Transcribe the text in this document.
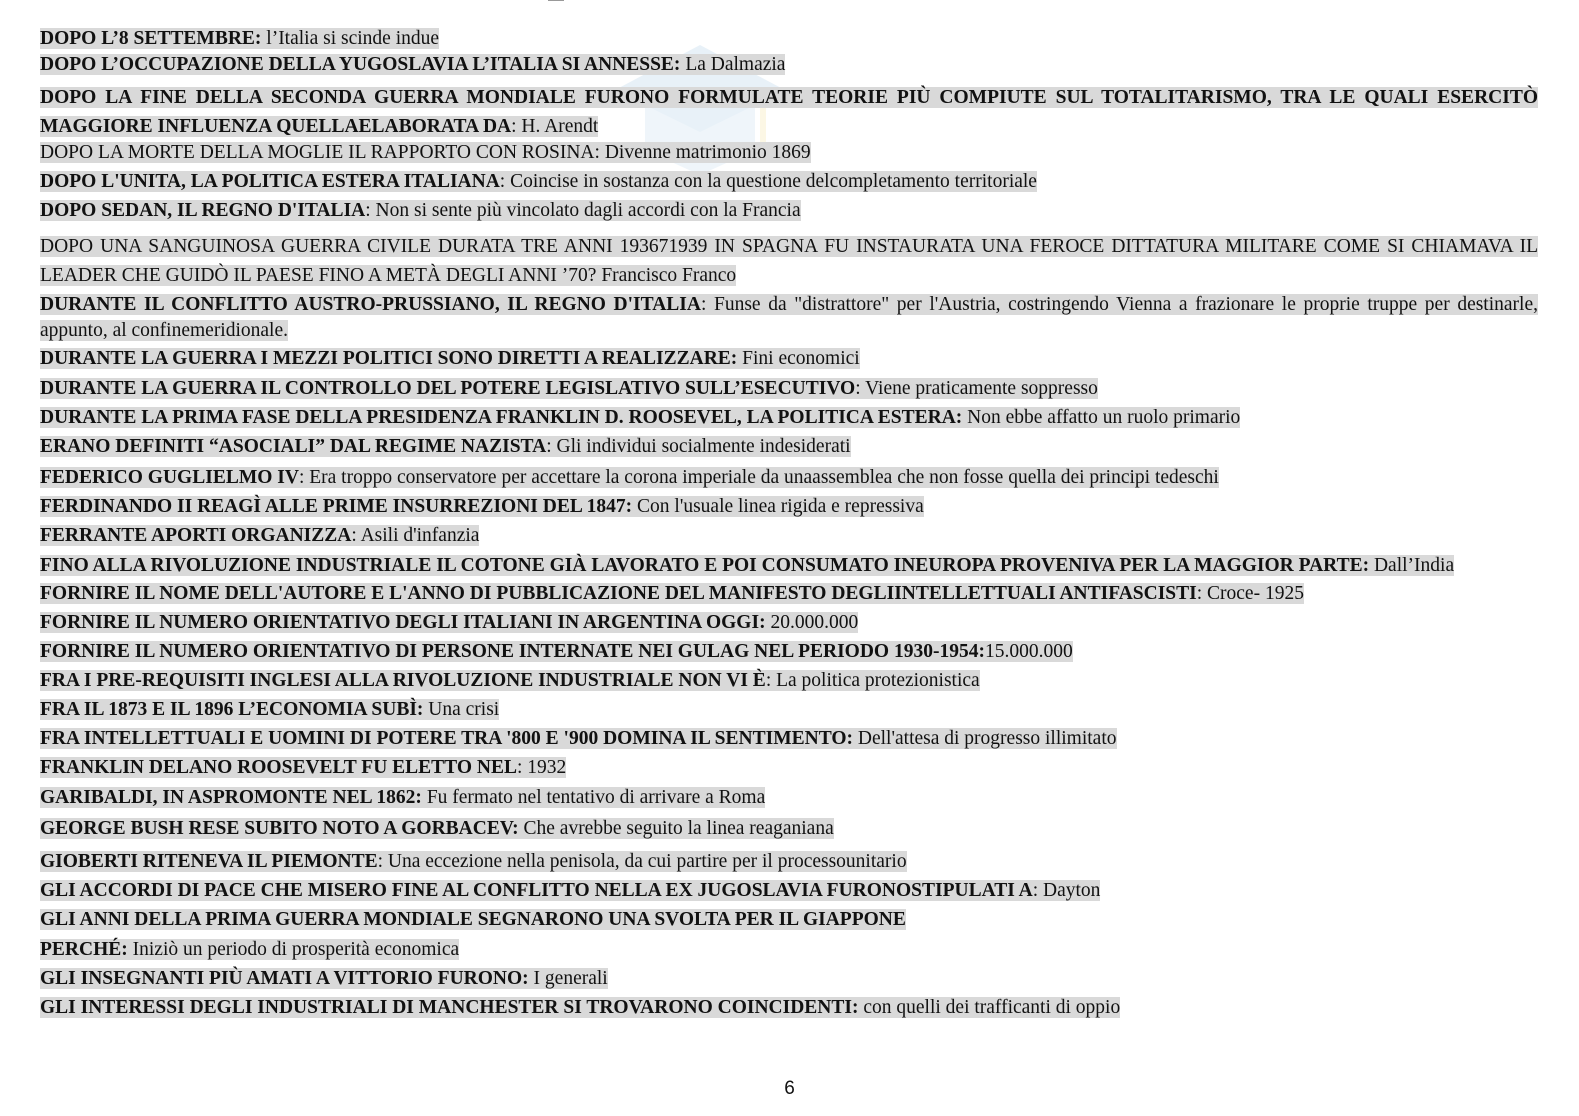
DOPO L’8 SETTEMBRE: l’Italia si scinde indue
DOPO L’OCCUPAZIONE DELLA YUGOSLAVIA L’ITALIA SI ANNESSE: La Dalmazia
DOPO LA FINE DELLA SECONDA GUERRA MONDIALE FURONO FORMULATE TEORIE PIÙ COMPIUTE SUL TOTALITARISMO, TRA LE QUALI ESERCITÒ MAGGIORE INFLUENZA QUELLAELABORATA DA: H. Arendt
DOPO LA MORTE DELLA MOGLIE IL RAPPORTO CON ROSINA: Divenne matrimonio 1869
DOPO L'UNITA, LA POLITICA ESTERA ITALIANA: Coincise in sostanza con la questione delcompletamento territoriale
DOPO SEDAN, IL REGNO D'ITALIA: Non si sente più vincolato dagli accordi con la Francia
DOPO UNA SANGUINOSA GUERRA CIVILE DURATA TRE ANNI 193671939 IN SPAGNA FU INSTAURATA UNA FEROCE DITTATURA MILITARE COME SI CHIAMAVA IL LEADER CHE GUIDÒ IL PAESE FINO A METÀ DEGLI ANNI ’70? Francisco Franco
DURANTE IL CONFLITTO AUSTRO-PRUSSIANO, IL REGNO D'ITALIA: Funse da "distrattore" per l'Austria, costringendo Vienna a frazionare le proprie truppe per destinarle, appunto, al confinemeridionale.
DURANTE LA GUERRA I MEZZI POLITICI SONO DIRETTI A REALIZZARE: Fini economici
DURANTE LA GUERRA IL CONTROLLO DEL POTERE LEGISLATIVO SULL’ESECUTIVO: Viene praticamente soppresso
DURANTE LA PRIMA FASE DELLA PRESIDENZA FRANKLIN D. ROOSEVEL, LA POLITICA ESTERA: Non ebbe affatto un ruolo primario
ERANO DEFINITI “ASOCIALI” DAL REGIME NAZISTA: Gli individui socialmente indesiderati
FEDERICO GUGLIELMO IV: Era troppo conservatore per accettare la corona imperiale da unaassemblea che non fosse quella dei principi tedeschi
FERDINANDO II REAGÌ ALLE PRIME INSURREZIONI DEL 1847: Con l'usuale linea rigida e repressiva
FERRANTE APORTI ORGANIZZA: Asili d'infanzia
FINO ALLA RIVOLUZIONE INDUSTRIALE IL COTONE GIÀ LAVORATO E POI CONSUMATO INEUROPA PROVENIVA PER LA MAGGIOR PARTE: Dall’India
FORNIRE IL NOME DELL'AUTORE E L'ANNO DI PUBBLICAZIONE DEL MANIFESTO DEGLIINTELLETTUALI ANTIFASCISTI: Croce- 1925
FORNIRE IL NUMERO ORIENTATIVO DEGLI ITALIANI IN ARGENTINA OGGI: 20.000.000
FORNIRE IL NUMERO ORIENTATIVO DI PERSONE INTERNATE NEI GULAG NEL PERIODO 1930-1954:15.000.000
FRA I PRE-REQUISITI INGLESI ALLA RIVOLUZIONE INDUSTRIALE NON VI È: La politica protezionistica
FRA IL 1873 E IL 1896 L’ECONOMIA SUBÌ: Una crisi
FRA INTELLETTUALI E UOMINI DI POTERE TRA '800 E '900 DOMINA IL SENTIMENTO: Dell'attesa di progresso illimitato
FRANKLIN DELANO ROOSEVELT FU ELETTO NEL: 1932
GARIBALDI, IN ASPROMONTE NEL 1862: Fu fermato nel tentativo di arrivare a Roma
GEORGE BUSH RESE SUBITO NOTO A GORBACEV: Che avrebbe seguito la linea reaganiana
GIOBERTI RITENEVA IL PIEMONTE: Una eccezione nella penisola, da cui partire per il processounitario
GLI ACCORDI DI PACE CHE MISERO FINE AL CONFLITTO NELLA EX JUGOSLAVIA FURONOSTIPULATI A: Dayton
GLI ANNI DELLA PRIMA GUERRA MONDIALE SEGNARONO UNA SVOLTA PER IL GIAPPONE
PERCHÉ: Iniziò un periodo di prosperità economica
GLI INSEGNANTI PIÙ AMATI A VITTORIO FURONO: I generali
GLI INTERESSI DEGLI INDUSTRIALI DI MANCHESTER SI TROVARONO COINCIDENTI: con quelli dei trafficanti di oppio
6
